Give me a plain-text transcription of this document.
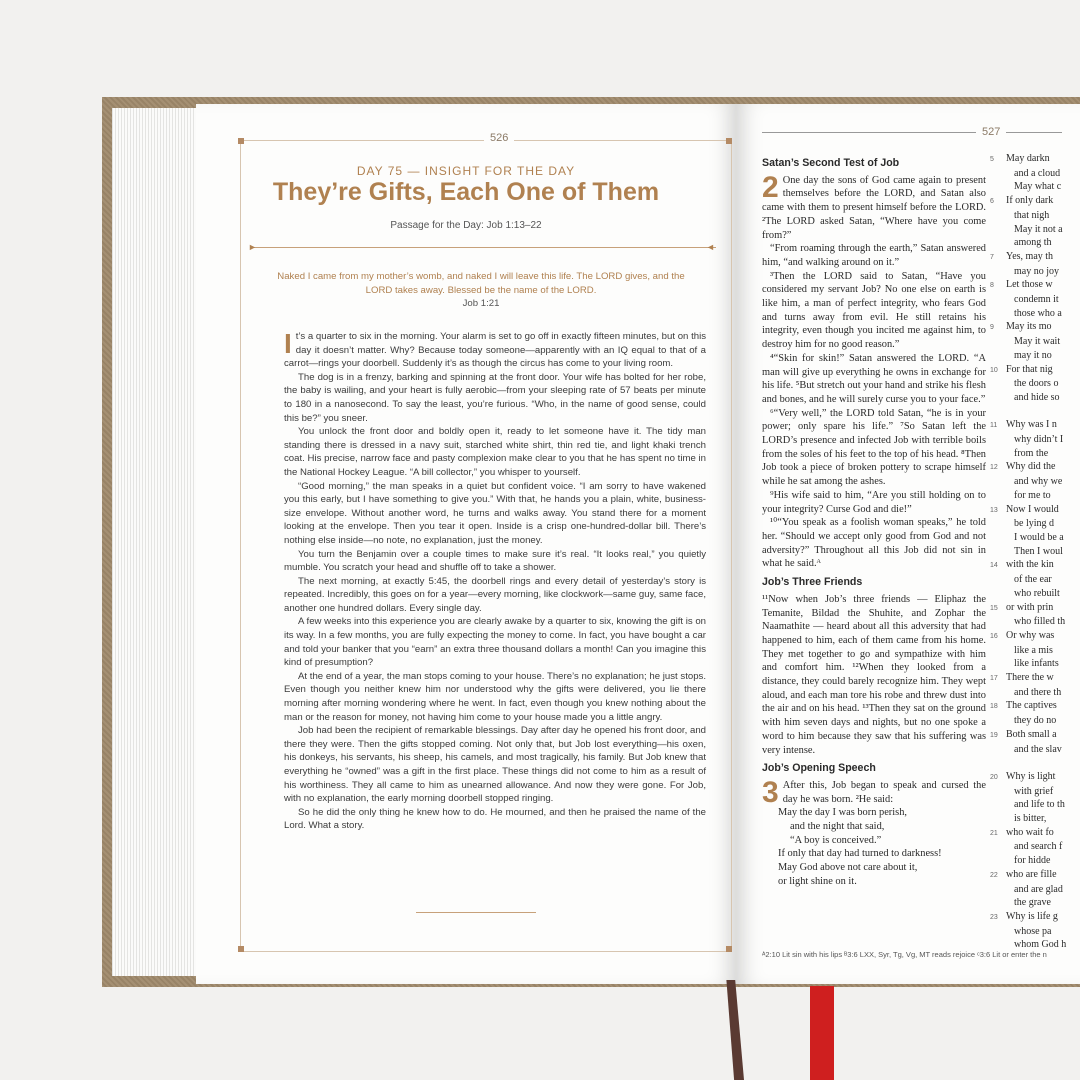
526
DAY 75 — INSIGHT FOR THE DAY
They’re Gifts, Each One of Them
Passage for the Day: Job 1:13–22
►	◄
Naked I came from my mother’s womb, and naked I will leave this life. The LORD gives, and the LORD takes away. Blessed be the name of the LORD.
Job 1:21

It’s a quarter to six in the morning. Your alarm is set to go off in exactly fifteen minutes, but on this day it doesn’t matter. Why? Because today someone—apparently with an IQ equal to that of a carrot—rings your doorbell. Suddenly it’s as though the circus has come to your living room.

The dog is in a frenzy, barking and spinning at the front door. Your wife has bolted for her robe, the baby is wailing, and your heart is fully aerobic—from your sleeping rate of 57 beats per minute to 180 in a nanosecond. To say the least, you’re furious. “Who, in the name of good sense, could this be?” you sneer.

You unlock the front door and boldly open it, ready to let someone have it. The tidy man standing there is dressed in a navy suit, starched white shirt, thin red tie, and light khaki trench coat. His precise, narrow face and pasty complexion make clear to you that he has spent no time in the National Hockey League. “A bill collector,” you whisper to yourself.

“Good morning,” the man speaks in a quiet but confident voice. “I am sorry to have wakened you this early, but I have something to give you.” With that, he hands you a plain, white, business-size envelope. Without another word, he turns and walks away. You stand there for a moment looking at the envelope. Then you tear it open. Inside is a crisp one-hundred-dollar bill. There’s nothing else inside—no note, no explanation, just the money.

You turn the Benjamin over a couple times to make sure it’s real. “It looks real,” you quietly mumble. You scratch your head and shuffle off to take a shower.

The next morning, at exactly 5:45, the doorbell rings and every detail of yesterday’s story is repeated. Incredibly, this goes on for a year—every morning, like clockwork—same guy, same face, another one hundred dollars. Every single day.

A few weeks into this experience you are clearly awake by a quarter to six, knowing the gift is on its way. In a few months, you are fully expecting the money to come. In fact, you have bought a car and told your banker that you “earn” an extra three thousand dollars a month! Can you imagine this kind of presumption?

At the end of a year, the man stops coming to your house. There’s no explanation; he just stops. Even though you neither knew him nor understood why the gifts were delivered, you lie there morning after morning wondering where he went. In fact, even though you knew nothing about the man or the reason for money, not having him come to your house made you a little angry.

Job had been the recipient of remarkable blessings. Day after day he opened his front door, and there they were. Then the gifts stopped coming. Not only that, but Job lost everything—his oxen, his donkeys, his servants, his sheep, his camels, and most tragically, his family. But Job knew that everything he “owned” was a gift in the first place. These things did not come to him as a result of his worthiness. They all came to him as unearned allowance. And now they were gone. For Job, with no explanation, the early morning doorbell stopped ringing.

So he did the only thing he knew how to do. He mourned, and then he praised the name of the Lord. What a story.

527

Satan’s Second Test of Job

2 One day the sons of God came again to present themselves before the LORD, and Satan also came with them to present himself before the LORD. ²The LORD asked Satan, “Where have you come from?”

“From roaming through the earth,” Satan answered him, “and walking around on it.”

³Then the LORD said to Satan, “Have you considered my servant Job? No one else on earth is like him, a man of perfect integrity, who fears God and turns away from evil. He still retains his integrity, even though you incited me against him, to destroy him for no good reason.”

⁴“Skin for skin!” Satan answered the LORD. “A man will give up everything he owns in exchange for his life. ⁵But stretch out your hand and strike his flesh and bones, and he will surely curse you to your face.”

⁶“Very well,” the LORD told Satan, “he is in your power; only spare his life.” ⁷So Satan left the LORD’s presence and infected Job with terrible boils from the soles of his feet to the top of his head. ⁸Then Job took a piece of broken pottery to scrape himself while he sat among the ashes.

⁹His wife said to him, “Are you still holding on to your integrity? Curse God and die!”

¹⁰“You speak as a foolish woman speaks,” he told her. “Should we accept only good from God and not adversity?” Throughout all this Job did not sin in what he said.ᴬ

Job’s Three Friends

¹¹Now when Job’s three friends — Eliphaz the Temanite, Bildad the Shuhite, and Zophar the Naamathite — heard about all this adversity that had happened to him, each of them came from his home. They met together to go and sympathize with him and comfort him. ¹²When they looked from a distance, they could barely recognize him. They wept aloud, and each man tore his robe and threw dust into the air and on his head. ¹³Then they sat on the ground with him seven days and nights, but no one spoke a word to him because they saw that his suffering was very intense.

Job’s Opening Speech

3 After this, Job began to speak and cursed the day he was born. ²He said:

May the day I was born perish,

and the night that said,

“A boy is conceived.”

If only that day had turned to darkness!

May God above not care about it,

or light shine on it.

5 May darkn
and a cloud
May what c
6 If only dark
that nigh
May it not a
among th
7 Yes, may th
may no joy
8 Let those w
condemn it
those who a
9 May its mo
May it wait
may it no
10 For that nig
the doors o
and hide so
11 Why was I n
why didn’t I
from the
12 Why did the
and why we
for me to
13 Now I would
be lying d
I would be a
Then I woul
14 with the kin
of the ear
who rebuilt
15 or with prin
who filled th
16 Or why was
like a mis
like infants
17 There the w
and there th
18 The captives
they do no
19 Both small a
and the slav
20 Why is light
with grief
and life to th
is bitter,
21 who wait fo
and search f
for hidde
22 who are fille
and are glad
the grave
23 Why is life g
whose pa
whom God h
ᴬ2:10 Lit sin with his lips ᴮ3:6 LXX, Syr, Tg, Vg, MT reads rejoice ᶜ3:6 Lit or enter the n
